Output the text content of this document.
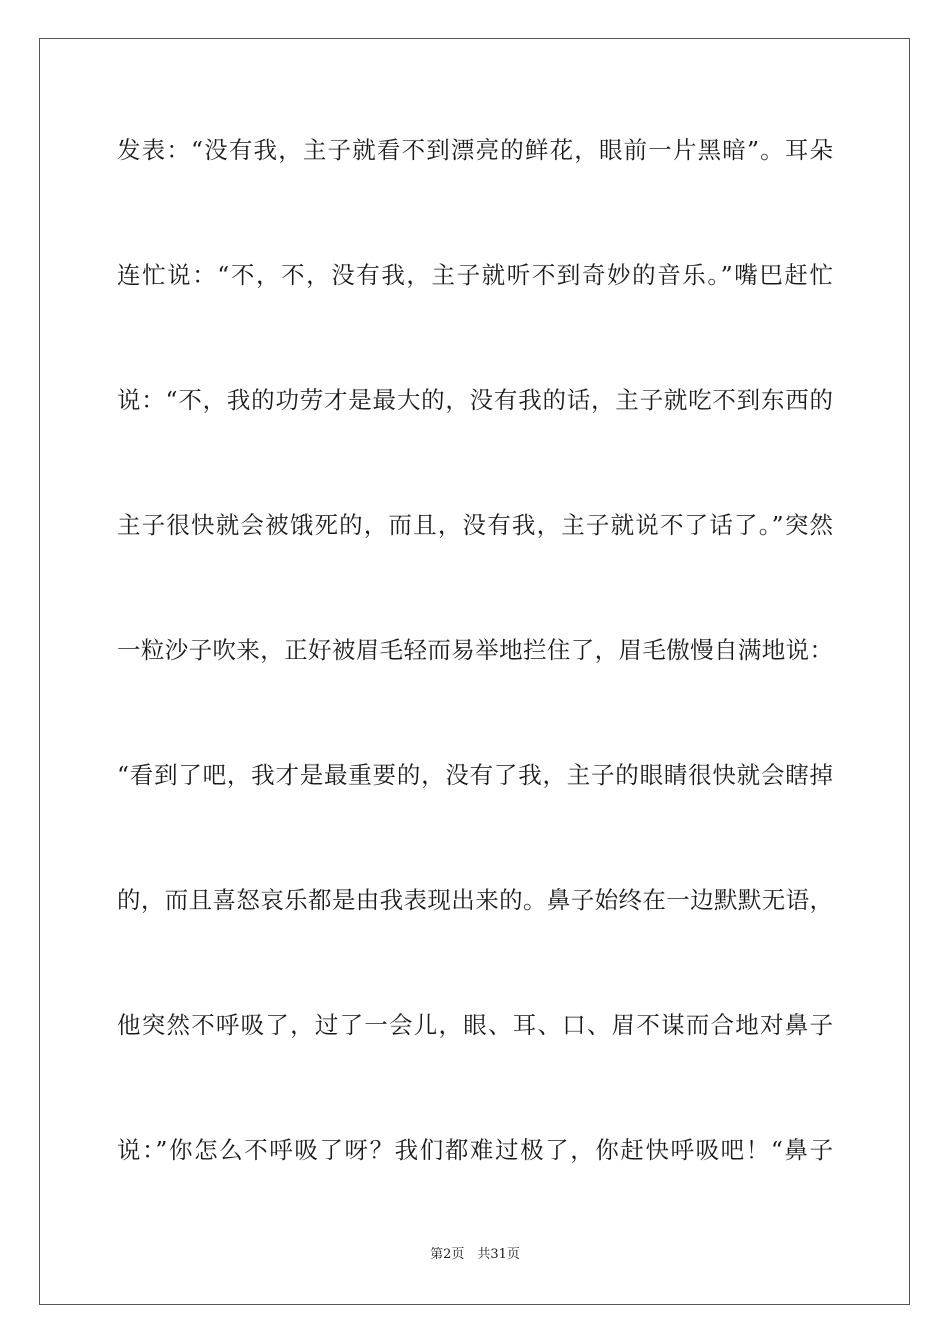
发表：“没有我，主子就看不到漂亮的鲜花，眼前一片黑暗”。耳朵
连忙说：“不，不，没有我，主子就听不到奇妙的音乐。”嘴巴赶忙
说：“不，我的功劳才是最大的，没有我的话，主子就吃不到东西的
主子很快就会被饿死的，而且，没有我，主子就说不了话了。”突然
一粒沙子吹来，正好被眉毛轻而易举地拦住了，眉毛傲慢自满地说：
“看到了吧，我才是最重要的，没有了我，主子的眼睛很快就会瞎掉
的，而且喜怒哀乐都是由我表现出来的。鼻子始终在一边默默无语，
他突然不呼吸了，过了一会儿，眼、耳、口、眉不谋而合地对鼻子
说：”你怎么不呼吸了呀？我们都难过极了，你赶快呼吸吧！“鼻子
第2页　共31页
